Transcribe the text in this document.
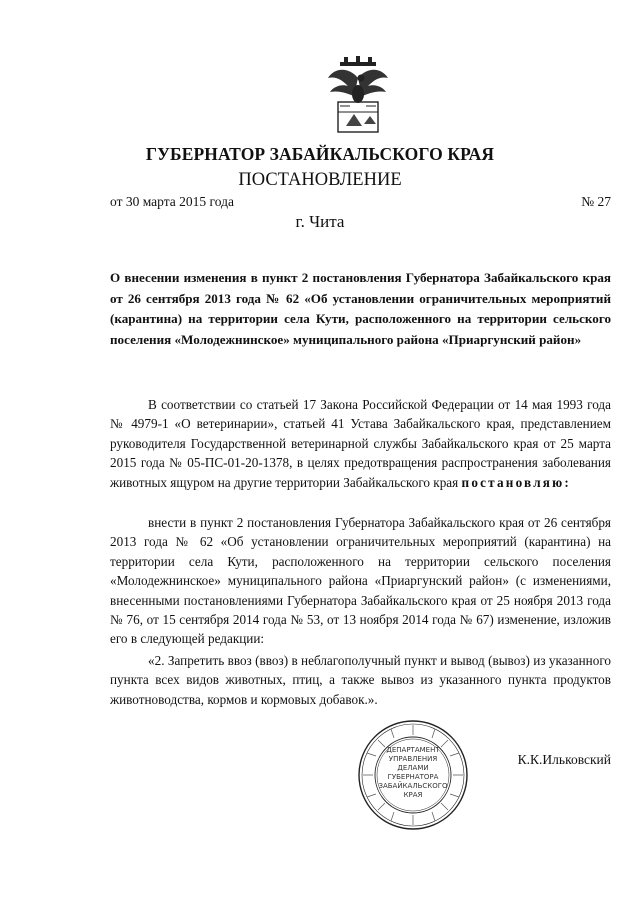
ГУБЕРНАТОР ЗАБАЙКАЛЬСКОГО КРАЯ
ПОСТАНОВЛЕНИЕ
от 30 марта 2015 года	№ 27
г. Чита
О внесении изменения в пункт 2 постановления Губернатора Забайкальского края от 26 сентября 2013 года № 62 «Об установлении ограничительных мероприятий (карантина) на территории села Кути, расположенного на территории сельского поселения «Молодежнинское» муниципального района «Приаргунский район»
В соответствии со статьей 17 Закона Российской Федерации от 14 мая 1993 года № 4979-1 «О ветеринарии», статьей 41 Устава Забайкальского края, представлением руководителя Государственной ветеринарной службы Забайкальского края от 25 марта 2015 года № 05-ПС-01-20-1378, в целях предотвращения распространения заболевания животных ящуром на другие территории Забайкальского края постановляю:
внести в пункт 2 постановления Губернатора Забайкальского края от 26 сентября 2013 года № 62 «Об установлении ограничительных мероприятий (карантина) на территории села Кути, расположенного на территории сельского поселения «Молодежнинское» муниципального района «Приаргунский район» (с изменениями, внесенными постановлениями Губернатора Забайкальского края от 25 ноября 2013 года № 76, от 15 сентября 2014 года № 53, от 13 ноября 2014 года № 67) изменение, изложив его в следующей редакции:
«2. Запретить ввоз (ввоз) в неблагополучный пункт и вывод (вывоз) из указанного пункта всех видов животных, птиц, а также вывоз из указанного пункта продуктов животноводства, кормов и кормовых добавок.».
ДЕПАРТАМЕНТ
УПРАВЛЕНИЯ
ДЕЛАМИ
ГУБЕРНАТОРА
ЗАБАЙКАЛЬСКОГО
КРАЯ
К.К.Ильковский
